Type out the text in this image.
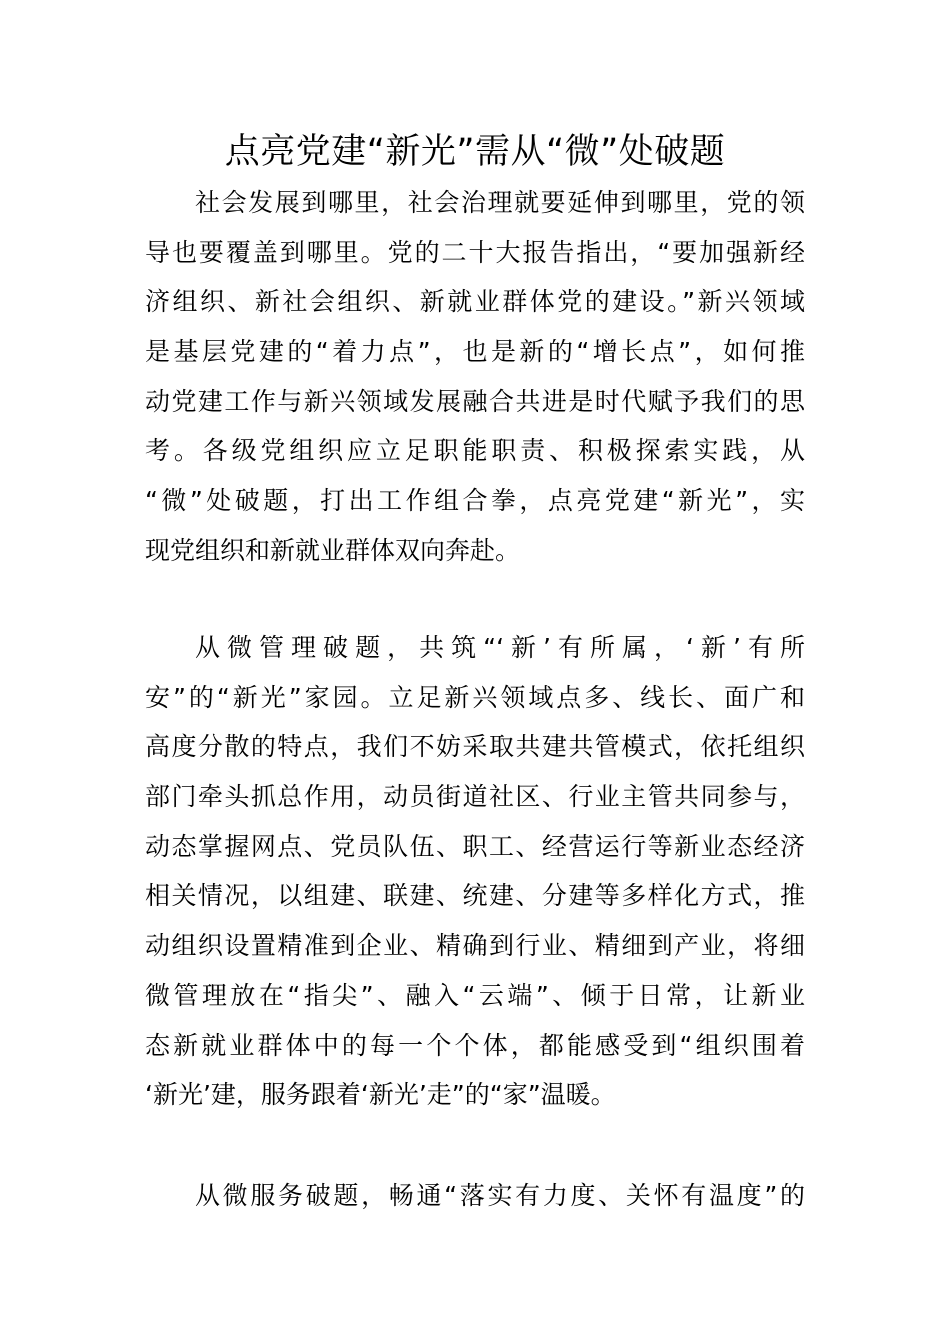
点亮党建“新光”需从“微”处破题
社会发展到哪里，社会治理就要延伸到哪里，党的领
导也要覆盖到哪里。党的二十大报告指出，“要加强新经
济组织、新社会组织、新就业群体党的建设。”新兴领域
是基层党建的“着力点”，也是新的“增长点”，如何推
动党建工作与新兴领域发展融合共进是时代赋予我们的思
考。各级党组织应立足职能职责、积极探索实践，从
“微”处破题，打出工作组合拳，点亮党建“新光”，实
现党组织和新就业群体双向奔赴。
从微管理破题，共筑“‘新’有所属，‘新’有所
安”的“新光”家园。立足新兴领域点多、线长、面广和
高度分散的特点，我们不妨采取共建共管模式，依托组织
部门牵头抓总作用，动员街道社区、行业主管共同参与，
动态掌握网点、党员队伍、职工、经营运行等新业态经济
相关情况，以组建、联建、统建、分建等多样化方式，推
动组织设置精准到企业、精确到行业、精细到产业，将细
微管理放在“指尖”、融入“云端”、倾于日常，让新业
态新就业群体中的每一个个体，都能感受到“组织围着
‘新光’建，服务跟着‘新光’走”的“家”温暖。
从微服务破题，畅通“落实有力度、关怀有温度”的
